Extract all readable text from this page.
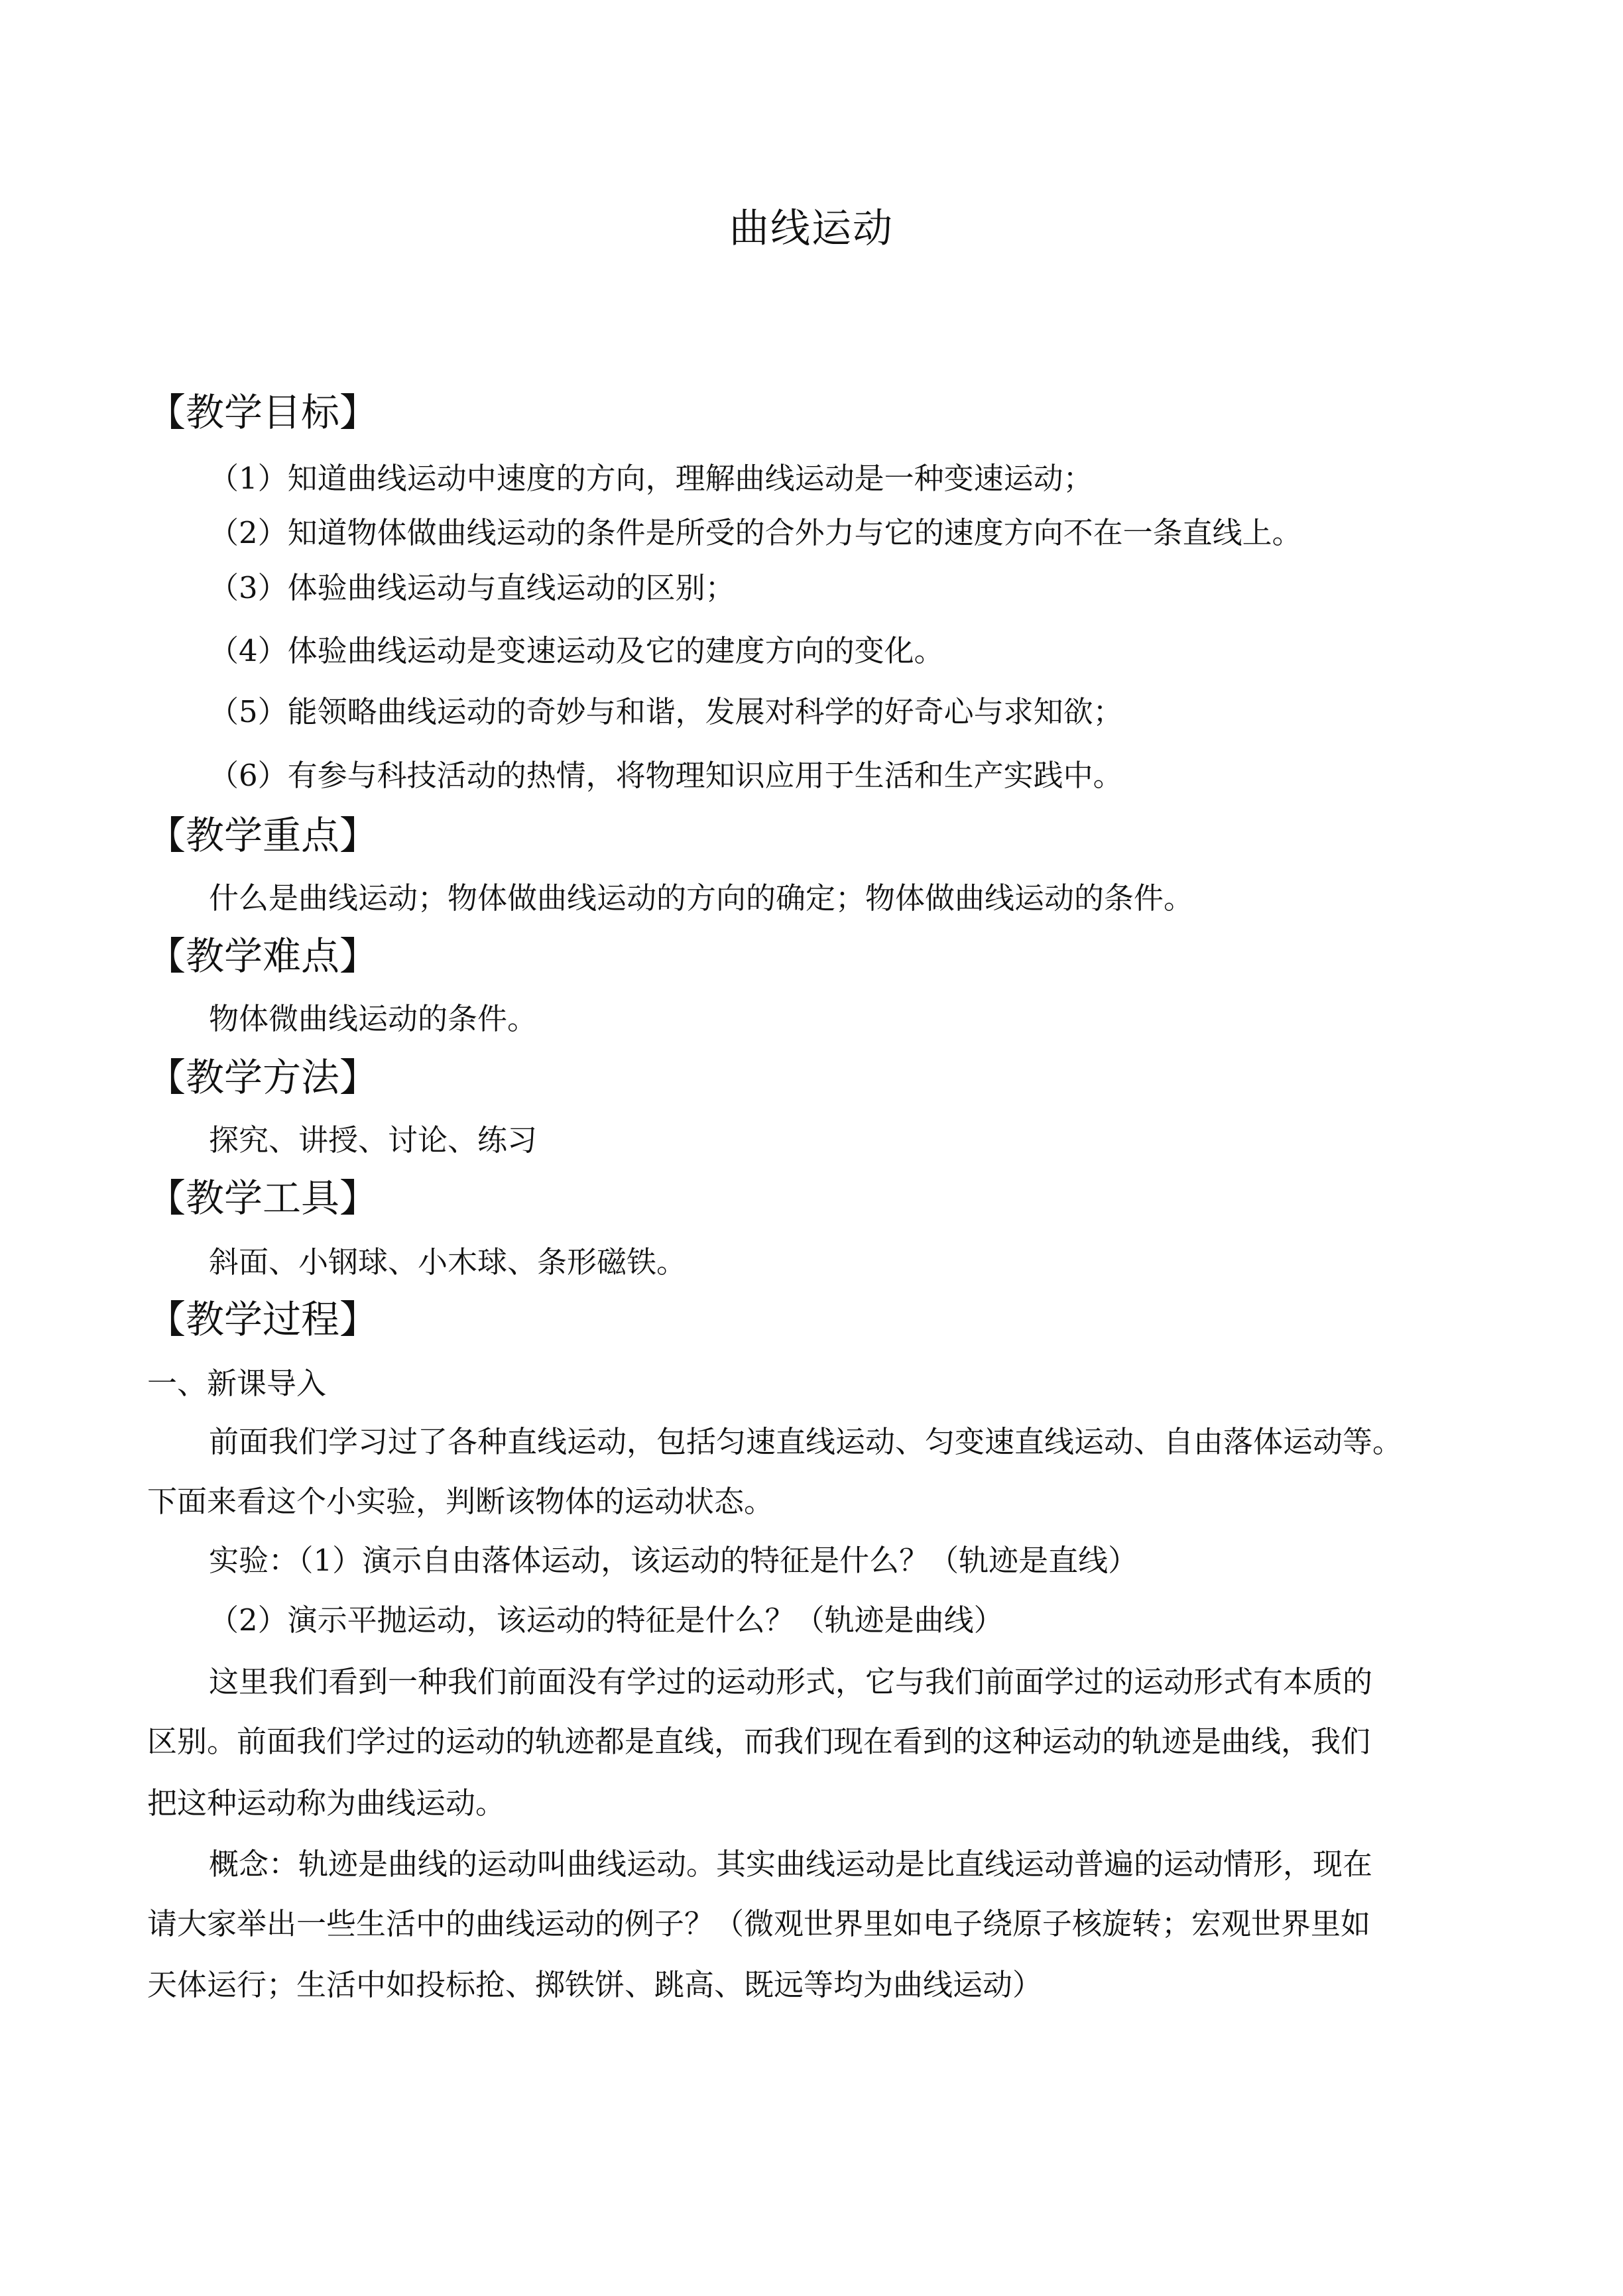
曲线运动
【教学目标】
（1）知道曲线运动中速度的方向，理解曲线运动是一种变速运动；
（2）知道物体做曲线运动的条件是所受的合外力与它的速度方向不在一条直线上。
（3）体验曲线运动与直线运动的区别；
（4）体验曲线运动是变速运动及它的建度方向的变化。
（5）能领略曲线运动的奇妙与和谐，发展对科学的好奇心与求知欲；
（6）有参与科技活动的热情，将物理知识应用于生活和生产实践中。
【教学重点】
什么是曲线运动；物体做曲线运动的方向的确定；物体做曲线运动的条件。
【教学难点】
物体微曲线运动的条件。
【教学方法】
探究、讲授、讨论、练习
【教学工具】
斜面、小钢球、小木球、条形磁铁。
【教学过程】
一、新课导入
前面我们学习过了各种直线运动，包括匀速直线运动、匀变速直线运动、自由落体运动等。
下面来看这个小实验，判断该物体的运动状态。
实验：（1）演示自由落体运动，该运动的特征是什么？（轨迹是直线）
（2）演示平抛运动，该运动的特征是什么？（轨迹是曲线）
这里我们看到一种我们前面没有学过的运动形式，它与我们前面学过的运动形式有本质的
区别。前面我们学过的运动的轨迹都是直线，而我们现在看到的这种运动的轨迹是曲线，我们
把这种运动称为曲线运动。
概念：轨迹是曲线的运动叫曲线运动。其实曲线运动是比直线运动普遍的运动情形，现在
请大家举出一些生活中的曲线运动的例子？（微观世界里如电子绕原子核旋转；宏观世界里如
天体运行；生活中如投标抢、掷铁饼、跳高、既远等均为曲线运动）
